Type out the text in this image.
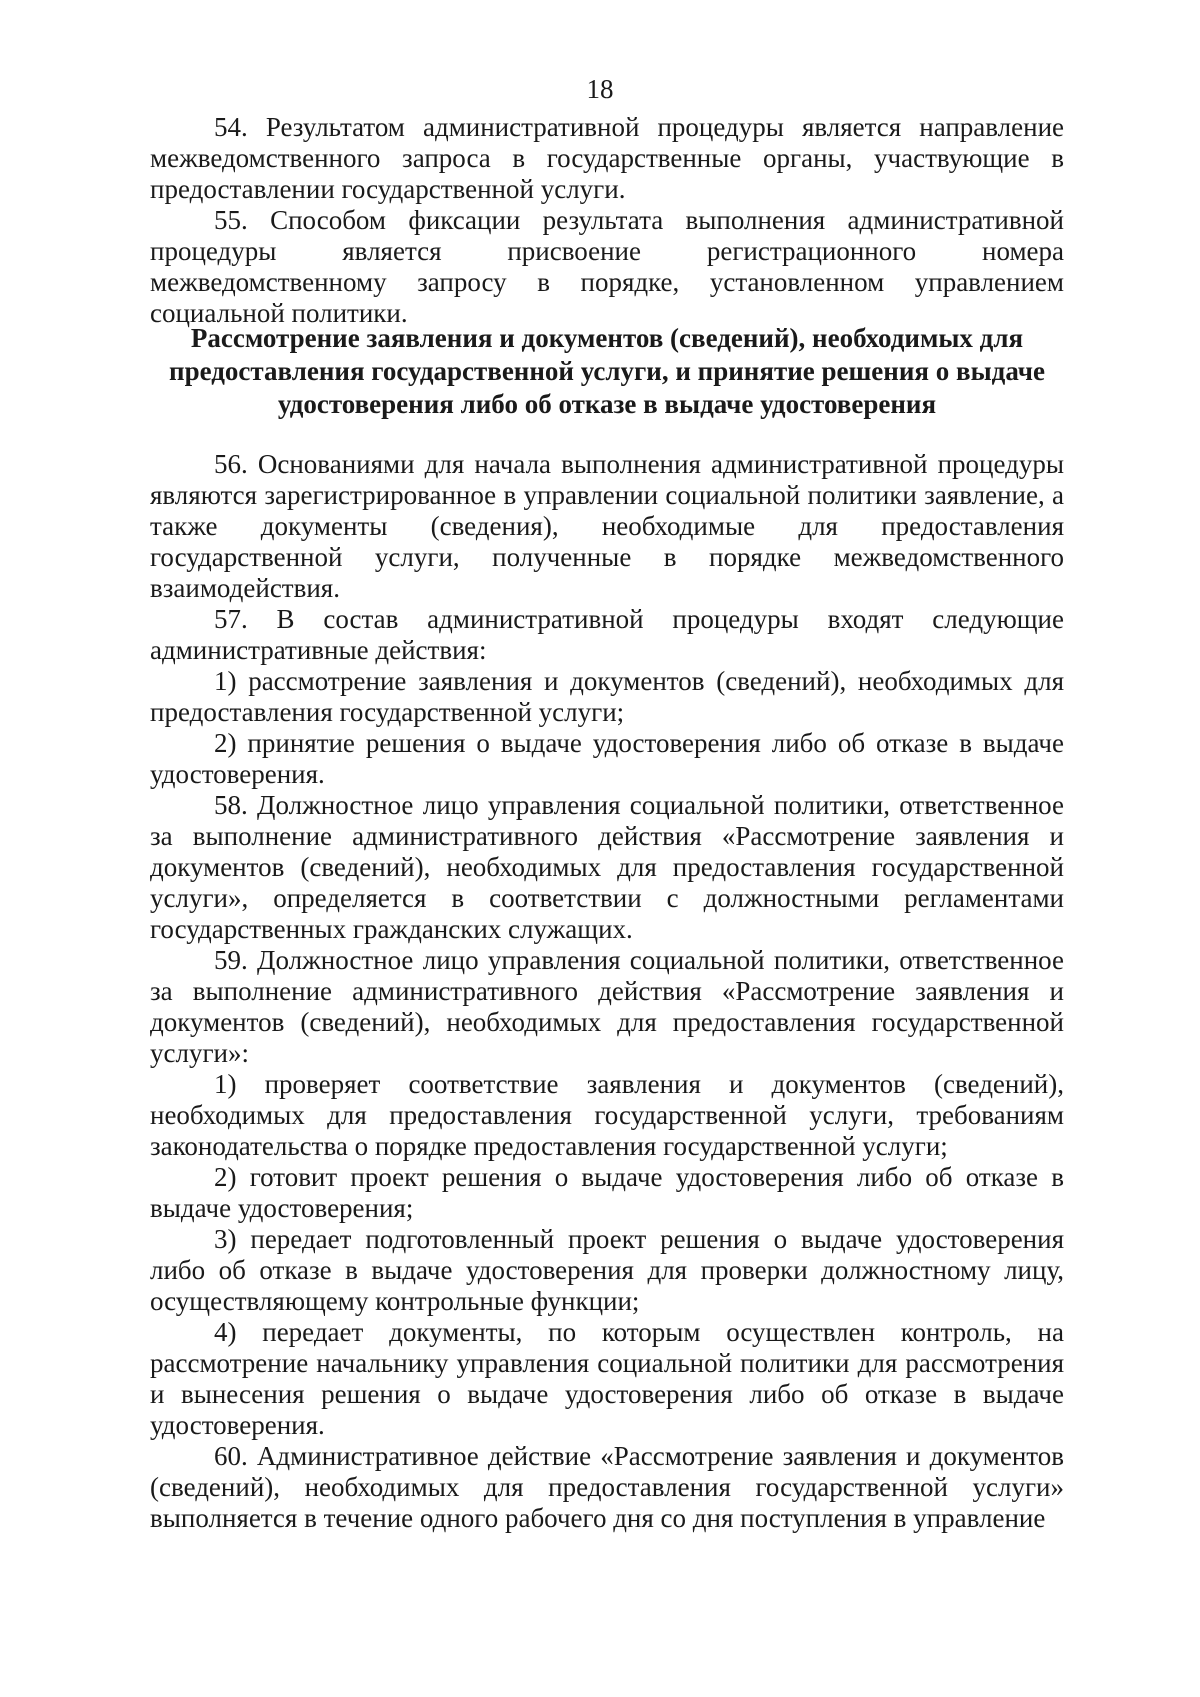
18

54. Результатом административной процедуры является направление межведомственного запроса в государственные органы, участвующие в предоставлении государственной услуги.

55. Способом фиксации результата выполнения административной процедуры является присвоение регистрационного номера межведомственному запросу в порядке, установленном управлением социальной политики.

Рассмотрение заявления и документов (сведений), необходимых для
предоставления государственной услуги, и принятие решения о выдаче
удостоверения либо об отказе в выдаче удостоверения

56. Основаниями для начала выполнения административной процедуры являются зарегистрированное в управлении социальной политики заявление, а также документы (сведения), необходимые для предоставления государственной услуги, полученные в порядке межведомственного взаимодействия.

57. В состав административной процедуры входят следующие административные действия:

1) рассмотрение заявления и документов (сведений), необходимых для предоставления государственной услуги;

2) принятие решения о выдаче удостоверения либо об отказе в выдаче удостоверения.

58. Должностное лицо управления социальной политики, ответственное за выполнение административного действия «Рассмотрение заявления и документов (сведений), необходимых для предоставления государственной услуги», определяется в соответствии с должностными регламентами государственных гражданских служащих.

59. Должностное лицо управления социальной политики, ответственное за выполнение административного действия «Рассмотрение заявления и документов (сведений), необходимых для предоставления государственной услуги»:

1) проверяет соответствие заявления и документов (сведений), необходимых для предоставления государственной услуги, требованиям законодательства о порядке предоставления государственной услуги;

2) готовит проект решения о выдаче удостоверения либо об отказе в выдаче удостоверения;

3) передает подготовленный проект решения о выдаче удостоверения либо об отказе в выдаче удостоверения для проверки должностному лицу, осуществляющему контрольные функции;

4) передает документы, по которым осуществлен контроль, на рассмотрение начальнику управления социальной политики для рассмотрения и вынесения решения о выдаче удостоверения либо об отказе в выдаче удостоверения.

60. Административное действие «Рассмотрение заявления и документов (сведений), необходимых для предоставления государственной услуги» выполняется в течение одного рабочего дня со дня поступления в управление
